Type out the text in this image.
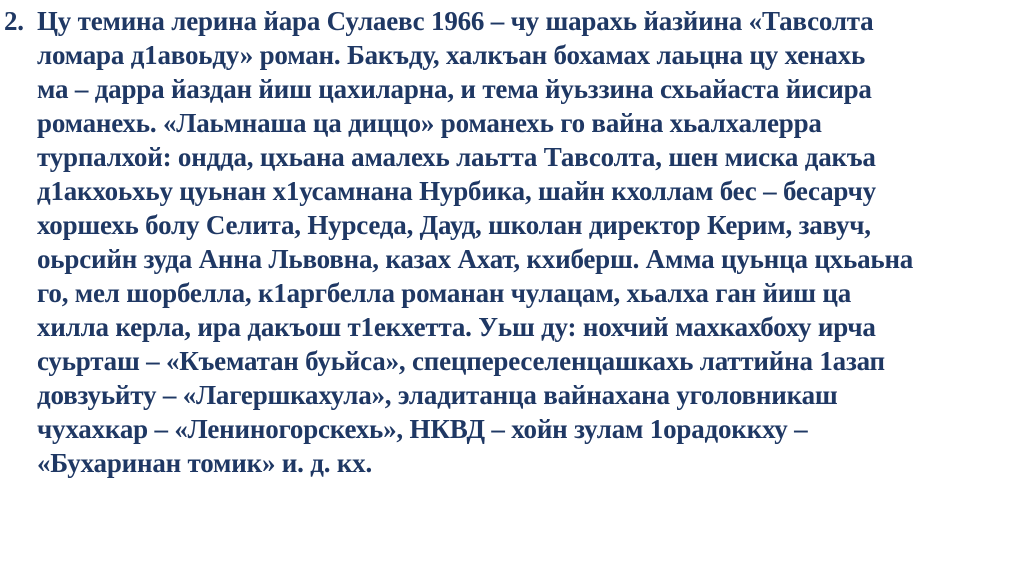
2. Цу темина лерина йара Сулаевс 1966 – чу шарахь йазйина «Тавсолта
ломара д1авоьду» роман. Бакъду, халкъан бохамах лаьцна цу хенахь
ма – дарра йаздан йиш цахиларна, и тема йуьззина схьайаста йисира
романехь. «Лаьмнаша ца диццо» романехь го вайна хьалхалерра
турпалхой: ондда, цхьана амалехь лаьтта Тавсолта, шен миска дакъа
д1акхоьхьу цуьнан х1усамнана Нурбика, шайн кхоллам бес – бесарчу
хоршехь болу Селита, Нурседа, Дауд, школан директор Керим, завуч,
оьрсийн зуда Анна Львовна, казах Ахат, кхиберш. Амма цуьнца цхьаьна
го, мел шорбелла, к1аргбелла романан чулацам, хьалха ган йиш ца
хилла керла, ира дакъош т1екхетта. Уьш ду: нохчий махкахбоху ирча
суьрташ – «Къематан буьйса», спецпереселенцашкахь латтийна 1азап
довзуьйту – «Лагершкахула», эладитанца вайнахана уголовникаш
чухахкар – «Лениногорскехь», НКВД – хойн зулам 1орадоккху –
«Бухаринан томик» и. д. кх.
